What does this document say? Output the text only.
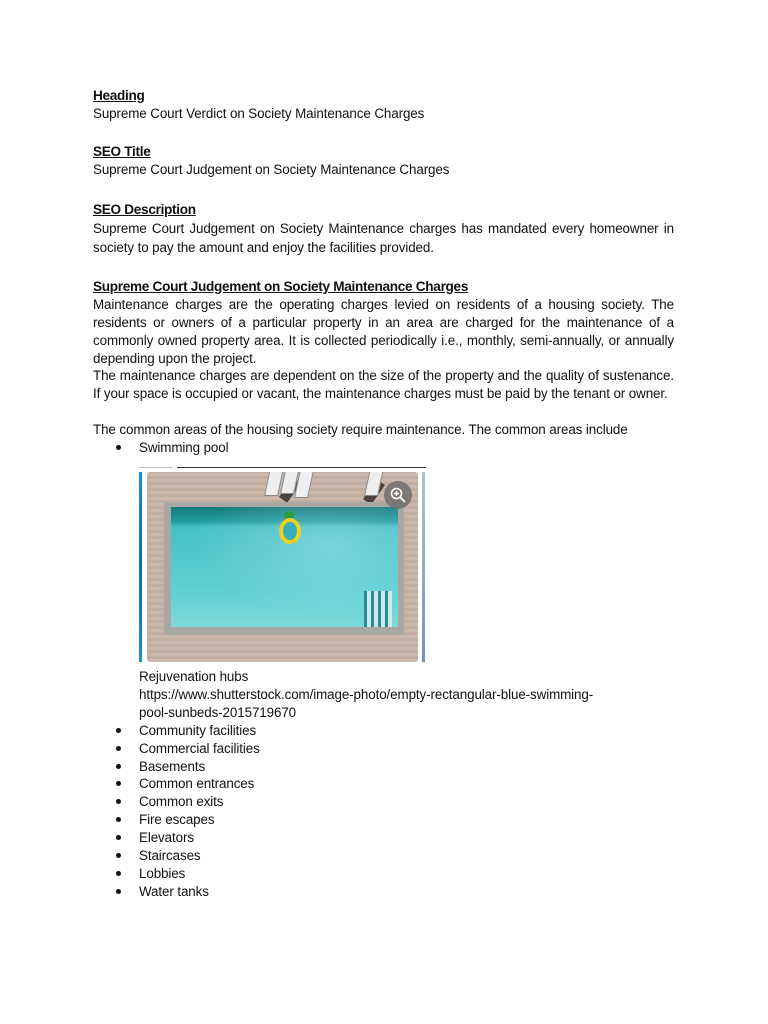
Heading
Supreme Court Verdict on Society Maintenance Charges
SEO Title
Supreme Court Judgement on Society Maintenance Charges
SEO Description
Supreme Court Judgement on Society Maintenance charges has mandated every homeowner in society to pay the amount and enjoy the facilities provided.
Supreme Court Judgement on Society Maintenance Charges
Maintenance charges are the operating charges levied on residents of a housing society. The residents or owners of a particular property in an area are charged for the maintenance of a commonly owned property area. It is collected periodically i.e., monthly, semi-annually, or annually depending upon the project.
The maintenance charges are dependent on the size of the property and the quality of sustenance. If your space is occupied or vacant, the maintenance charges must be paid by the tenant or owner.
The common areas of the housing society require maintenance. The common areas include
Swimming pool
Rejuvenation hubs
https://www.shutterstock.com/image-photo/empty-rectangular-blue-swimming-
pool-sunbeds-2015719670
Community facilities
Commercial facilities
Basements
Common entrances
Common exits
Fire escapes
Elevators
Staircases
Lobbies
Water tanks
